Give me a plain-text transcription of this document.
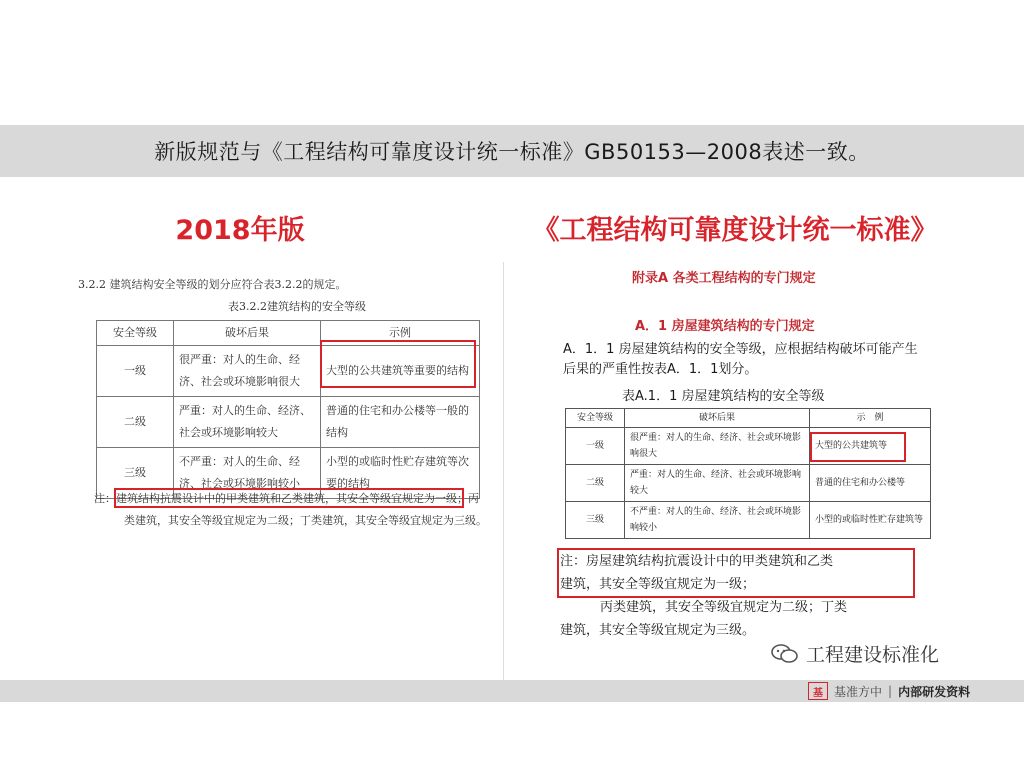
新版规范与《工程结构可靠度设计统一标准》GB50153—2008表述一致。
2018年版	《工程结构可靠度设计统一标准》
3.2.2 建筑结构安全等级的划分应符合表3.2.2的规定。
表3.2.2建筑结构的安全等级
安全等级	破坏后果	示例
一级	很严重：对人的生命、经济、社会或环境影响很大	大型的公共建筑等重要的结构
二级	严重：对人的生命、经济、社会或环境影响较大	普通的住宅和办公楼等一般的结构
三级	不严重：对人的生命、经济、社会或环境影响较小	小型的或临时性贮存建筑等次要的结构
注：建筑结构抗震设计中的甲类建筑和乙类建筑，其安全等级宜规定为一级；丙
类建筑，其安全等级宜规定为二级；丁类建筑，其安全等级宜规定为三级。
附录A 各类工程结构的专门规定
A．1 房屋建筑结构的专门规定
A．1．1 房屋建筑结构的安全等级，应根据结构破坏可能产生后果的严重性按表A．1．1划分。
表A.1．1 房屋建筑结构的安全等级
安全等级	破坏后果	示　例
一级	很严重：对人的生命、经济、社会或环境影响很大	大型的公共建筑等
二级	严重：对人的生命、经济、社会或环境影响较大	普通的住宅和办公楼等
三级	不严重：对人的生命、经济、社会或环境影响较小	小型的或临时性贮存建筑等
注：房屋建筑结构抗震设计中的甲类建筑和乙类
建筑，其安全等级宜规定为一级；
丙类建筑，其安全等级宜规定为二级；丁类
建筑，其安全等级宜规定为三级。
工程建设标准化
基 基准方中 | 内部研发资料
